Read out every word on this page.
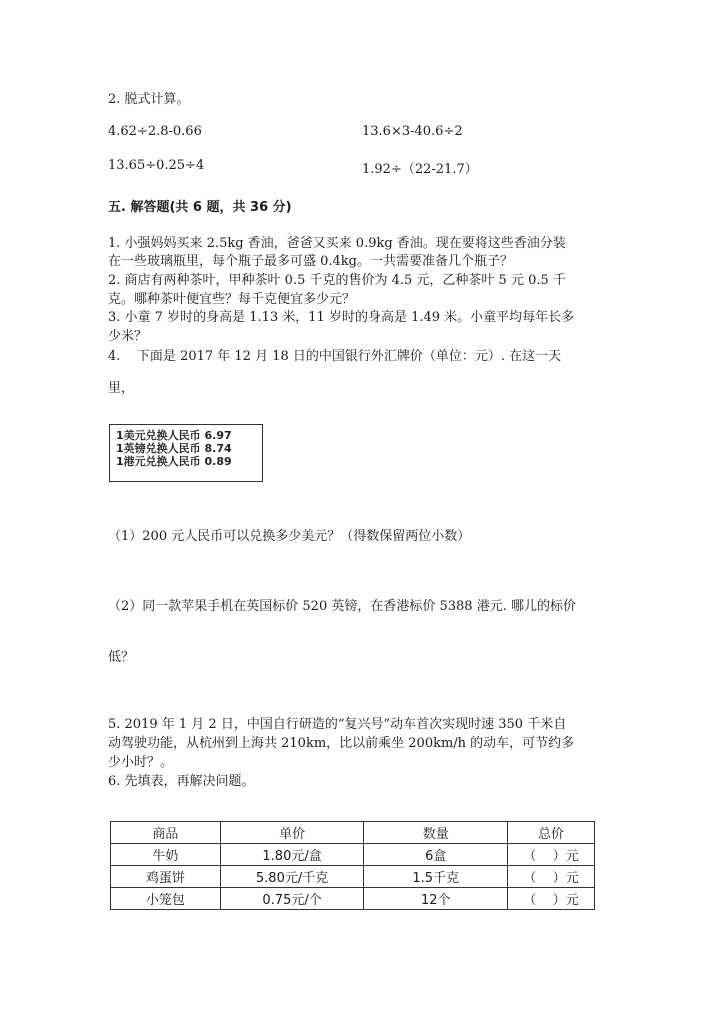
2. 脱式计算。
4.62÷2.8-0.66	13.6×3-40.6÷2
13.65÷0.25÷4	1.92÷（22-21.7）
五. 解答题(共 6 题，共 36 分)
1. 小强妈妈买来 2.5kg 香油，爸爸又买来 0.9kg 香油。现在要将这些香油分装
在一些玻璃瓶里，每个瓶子最多可盛 0.4kg。一共需要准备几个瓶子？
2. 商店有两种茶叶，甲种茶叶 0.5 千克的售价为 4.5 元，乙种茶叶 5 元 0.5 千
克。哪种茶叶便宜些？每千克便宜多少元？
3. 小童 7 岁时的身高是 1.13 米，11 岁时的身高是 1.49 米。小童平均每年长多
少米？
4.    下面是 2017 年 12 月 18 日的中国银行外汇牌价（单位：元）. 在这一天
里，
1美元兑换人民币 6.97
1英镑兑换人民币 8.74
1港元兑换人民币 0.89
（1）200 元人民币可以兑换多少美元？（得数保留两位小数）
（2）同一款苹果手机在英国标价 520 英镑，在香港标价 5388 港元. 哪儿的标价
低？
5. 2019 年 1 月 2 日，中国自行研造的“复兴号”动车首次实现时速 350 千米自
动驾驶功能，从杭州到上海共 210km，比以前乘坐 200km/h 的动车，可节约多
少小时？。
6. 先填表，再解决问题。
商品	单价	数量	总价
牛奶	1.80元/盒	6盒	（    ）元
鸡蛋饼	5.80元/千克	1.5千克	（    ）元
小笼包	0.75元/个	12个	（    ）元
